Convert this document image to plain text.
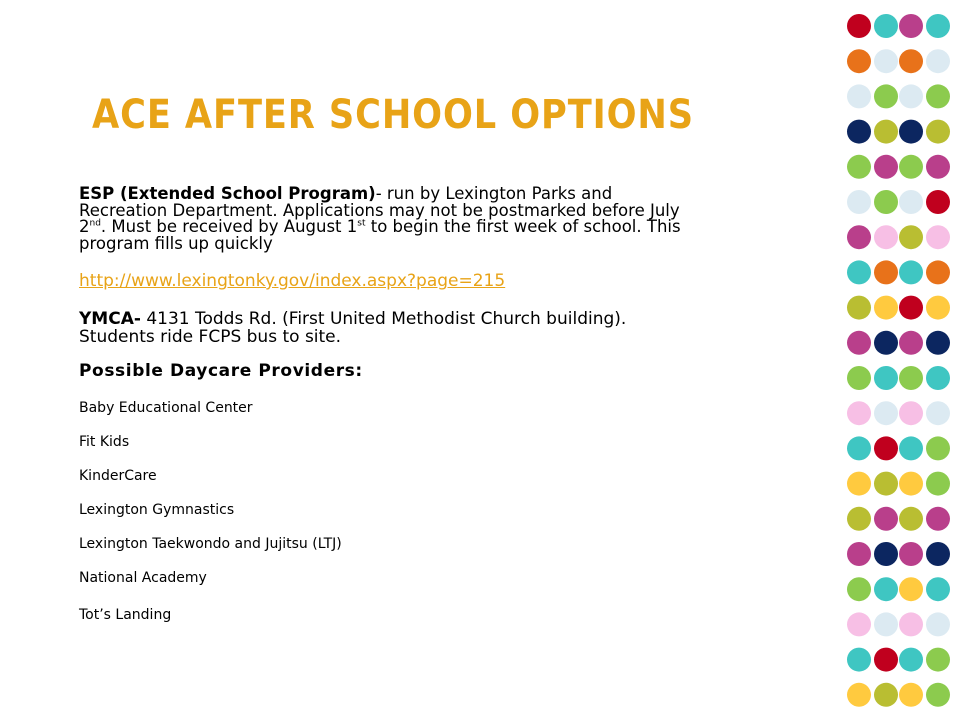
ACE AFTER SCHOOL OPTIONS

ESP (Extended School Program)- run by Lexington Parks and Recreation Department. Applications may not be postmarked before July 2nd. Must be received by August 1st to begin the first week of school. This program fills up quickly

http://www.lexingtonky.gov/index.aspx?page=215

YMCA- 4131 Todds Rd. (First United Methodist Church building). Students ride FCPS bus to site.

Possible Daycare Providers:

Baby Educational Center
Fit Kids
KinderCare
Lexington Gymnastics
Lexington Taekwondo and Jujitsu (LTJ)
National Academy
Tot’s Landing
